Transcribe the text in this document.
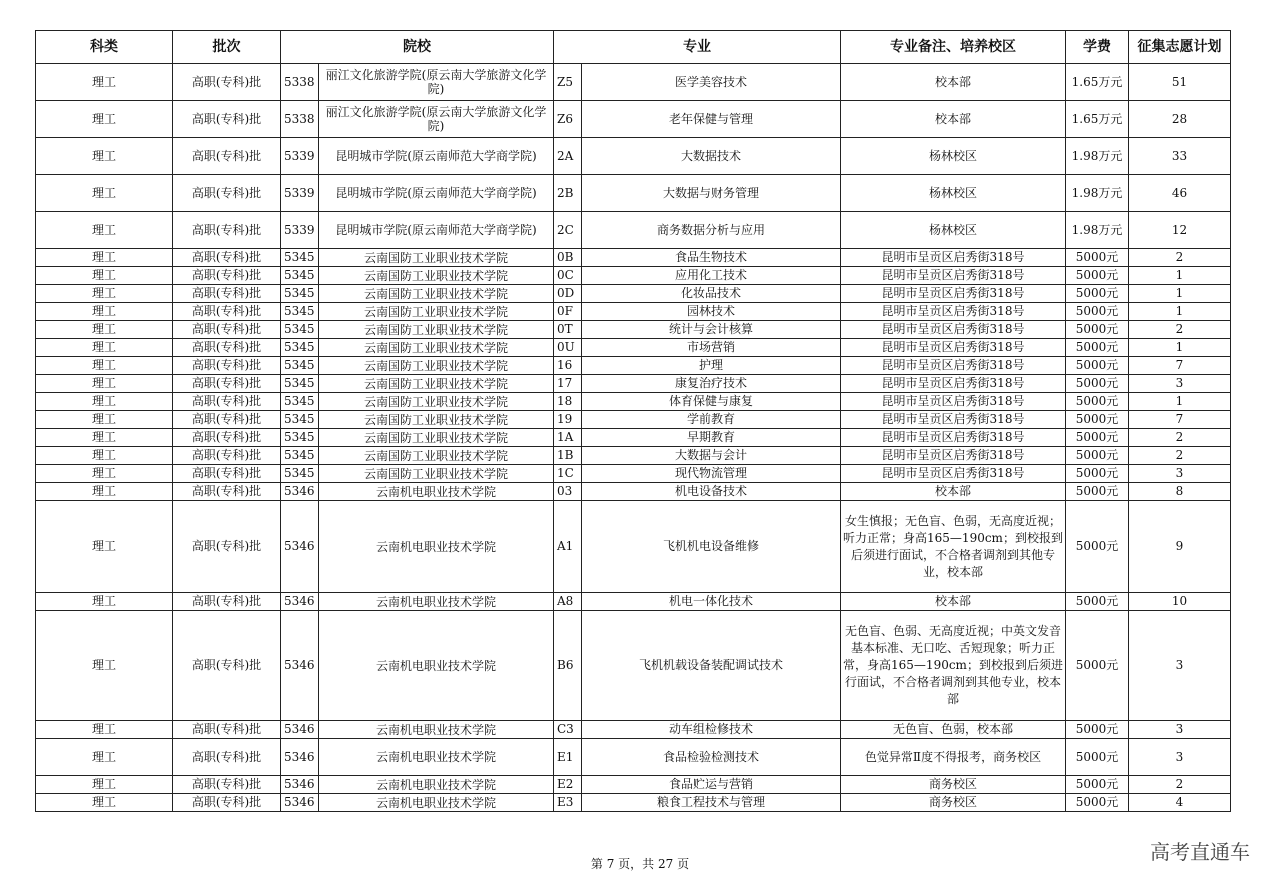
科类	批次	院校		专业		专业备注、培养校区	学费	征集志愿计划
理工	高职(专科)批	5338	丽江文化旅游学院(原云南大学旅游文化学院)	Z5	医学美容技术	校本部	1.65万元	51
理工	高职(专科)批	5338	丽江文化旅游学院(原云南大学旅游文化学院)	Z6	老年保健与管理	校本部	1.65万元	28
理工	高职(专科)批	5339	昆明城市学院(原云南师范大学商学院)	2A	大数据技术	杨林校区	1.98万元	33
理工	高职(专科)批	5339	昆明城市学院(原云南师范大学商学院)	2B	大数据与财务管理	杨林校区	1.98万元	46
理工	高职(专科)批	5339	昆明城市学院(原云南师范大学商学院)	2C	商务数据分析与应用	杨林校区	1.98万元	12
理工	高职(专科)批	5345	云南国防工业职业技术学院	0B	食品生物技术	昆明市呈贡区启秀街318号	5000元	2
理工	高职(专科)批	5345	云南国防工业职业技术学院	0C	应用化工技术	昆明市呈贡区启秀街318号	5000元	1
理工	高职(专科)批	5345	云南国防工业职业技术学院	0D	化妆品技术	昆明市呈贡区启秀街318号	5000元	1
理工	高职(专科)批	5345	云南国防工业职业技术学院	0F	园林技术	昆明市呈贡区启秀街318号	5000元	1
理工	高职(专科)批	5345	云南国防工业职业技术学院	0T	统计与会计核算	昆明市呈贡区启秀街318号	5000元	2
理工	高职(专科)批	5345	云南国防工业职业技术学院	0U	市场营销	昆明市呈贡区启秀街318号	5000元	1
理工	高职(专科)批	5345	云南国防工业职业技术学院	16	护理	昆明市呈贡区启秀街318号	5000元	7
理工	高职(专科)批	5345	云南国防工业职业技术学院	17	康复治疗技术	昆明市呈贡区启秀街318号	5000元	3
理工	高职(专科)批	5345	云南国防工业职业技术学院	18	体育保健与康复	昆明市呈贡区启秀街318号	5000元	1
理工	高职(专科)批	5345	云南国防工业职业技术学院	19	学前教育	昆明市呈贡区启秀街318号	5000元	7
理工	高职(专科)批	5345	云南国防工业职业技术学院	1A	早期教育	昆明市呈贡区启秀街318号	5000元	2
理工	高职(专科)批	5345	云南国防工业职业技术学院	1B	大数据与会计	昆明市呈贡区启秀街318号	5000元	2
理工	高职(专科)批	5345	云南国防工业职业技术学院	1C	现代物流管理	昆明市呈贡区启秀街318号	5000元	3
理工	高职(专科)批	5346	云南机电职业技术学院	03	机电设备技术	校本部	5000元	8
理工	高职(专科)批	5346	云南机电职业技术学院	A1	飞机机电设备维修	女生慎报；无色盲、色弱，无高度近视；听力正常；身高165—190cm；到校报到后须进行面试，不合格者调剂到其他专业，校本部	5000元	9
理工	高职(专科)批	5346	云南机电职业技术学院	A8	机电一体化技术	校本部	5000元	10
理工	高职(专科)批	5346	云南机电职业技术学院	B6	飞机机载设备装配调试技术	无色盲、色弱、无高度近视；中英文发音基本标准、无口吃、舌短现象；听力正常，身高165—190cm；到校报到后须进行面试，不合格者调剂到其他专业，校本部	5000元	3
理工	高职(专科)批	5346	云南机电职业技术学院	C3	动车组检修技术	无色盲、色弱，校本部	5000元	3
理工	高职(专科)批	5346	云南机电职业技术学院	E1	食品检验检测技术	色觉异常Ⅱ度不得报考，商务校区	5000元	3
理工	高职(专科)批	5346	云南机电职业技术学院	E2	食品贮运与营销	商务校区	5000元	2
理工	高职(专科)批	5346	云南机电职业技术学院	E3	粮食工程技术与管理	商务校区	5000元	4
第 7 页，共 27 页	高考直通车
